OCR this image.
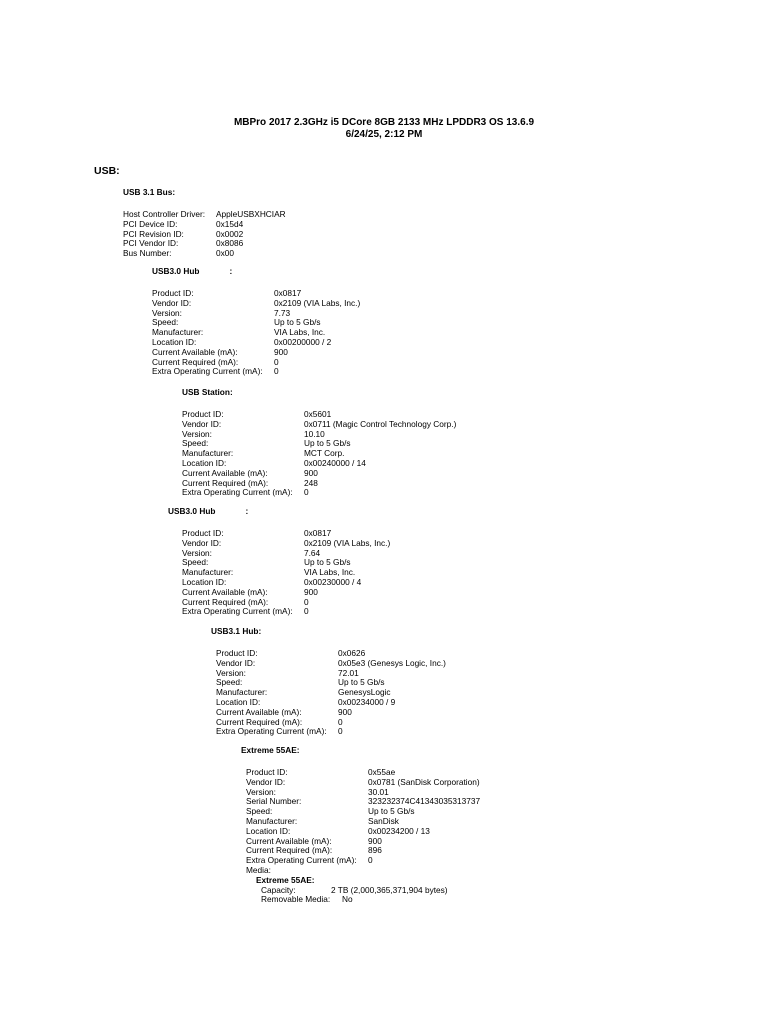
MBPro 2017 2.3GHz i5 DCore 8GB 2133 MHz LPDDR3 OS 13.6.9
6/24/25, 2:12 PM
USB:
USB 3.1 Bus:
Host Controller Driver:	AppleUSBXHCIAR
PCI Device ID:	0x15d4
PCI Revision ID:	0x0002
PCI Vendor ID:	0x8086
Bus Number:	0x00
USB3.0 Hub	:
Product ID:	0x0817
Vendor ID:	0x2109 (VIA Labs, Inc.)
Version:	7.73
Speed:	Up to 5 Gb/s
Manufacturer:	VIA Labs, Inc.
Location ID:	0x00200000 / 2
Current Available (mA):	900
Current Required (mA):	0
Extra Operating Current (mA):	0
USB Station:
Product ID:	0x5601
Vendor ID:	0x0711 (Magic Control Technology Corp.)
Version:	10.10
Speed:	Up to 5 Gb/s
Manufacturer:	MCT Corp.
Location ID:	0x00240000 / 14
Current Available (mA):	900
Current Required (mA):	248
Extra Operating Current (mA):	0
USB3.0 Hub	:
Product ID:	0x0817
Vendor ID:	0x2109 (VIA Labs, Inc.)
Version:	7.64
Speed:	Up to 5 Gb/s
Manufacturer:	VIA Labs, Inc.
Location ID:	0x00230000 / 4
Current Available (mA):	900
Current Required (mA):	0
Extra Operating Current (mA):	0
USB3.1 Hub:
Product ID:	0x0626
Vendor ID:	0x05e3 (Genesys Logic, Inc.)
Version:	72.01
Speed:	Up to 5 Gb/s
Manufacturer:	GenesysLogic
Location ID:	0x00234000 / 9
Current Available (mA):	900
Current Required (mA):	0
Extra Operating Current (mA):	0
Extreme 55AE:
Product ID:	0x55ae
Vendor ID:	0x0781 (SanDisk Corporation)
Version:	30.01
Serial Number:	323232374C41343035313737
Speed:	Up to 5 Gb/s
Manufacturer:	SanDisk
Location ID:	0x00234200 / 13
Current Available (mA):	900
Current Required (mA):	896
Extra Operating Current (mA):	0
Media:
Extreme 55AE:
Capacity:	2 TB (2,000,365,371,904 bytes)
Removable Media:	No
